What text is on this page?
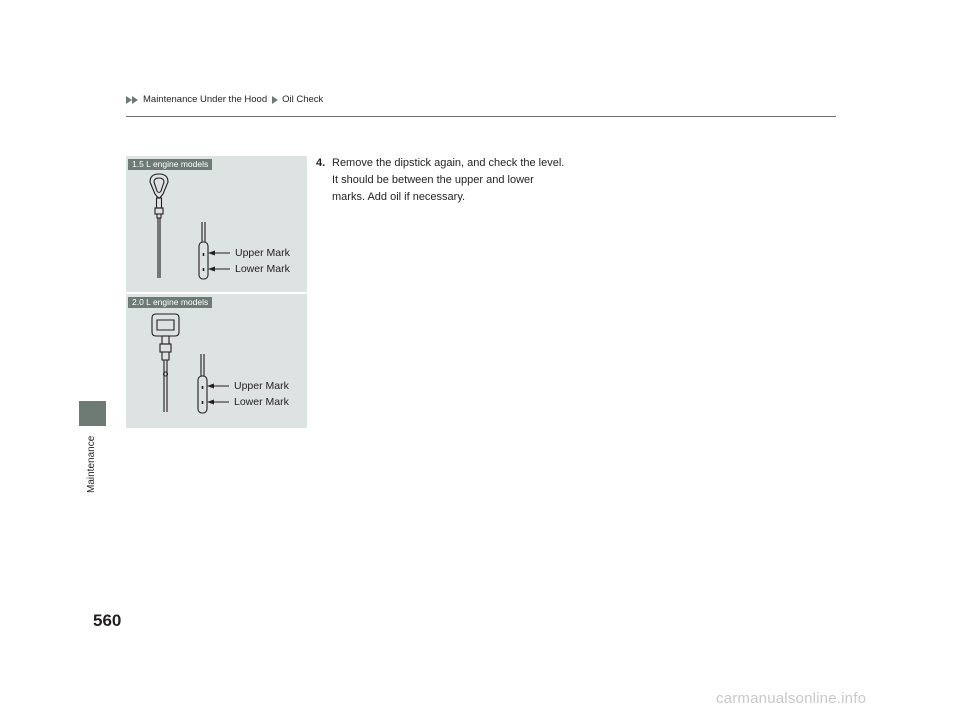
Maintenance Under the Hood Oil Check
Maintenance
Upper Mark
Lower Mark
1.5 L engine models
Upper Mark
Lower Mark
2.0 L engine models
4. Remove the dipstick again, and check the level. It should be between the upper and lower marks. Add oil if necessary.
560
carmanualsonline.info
